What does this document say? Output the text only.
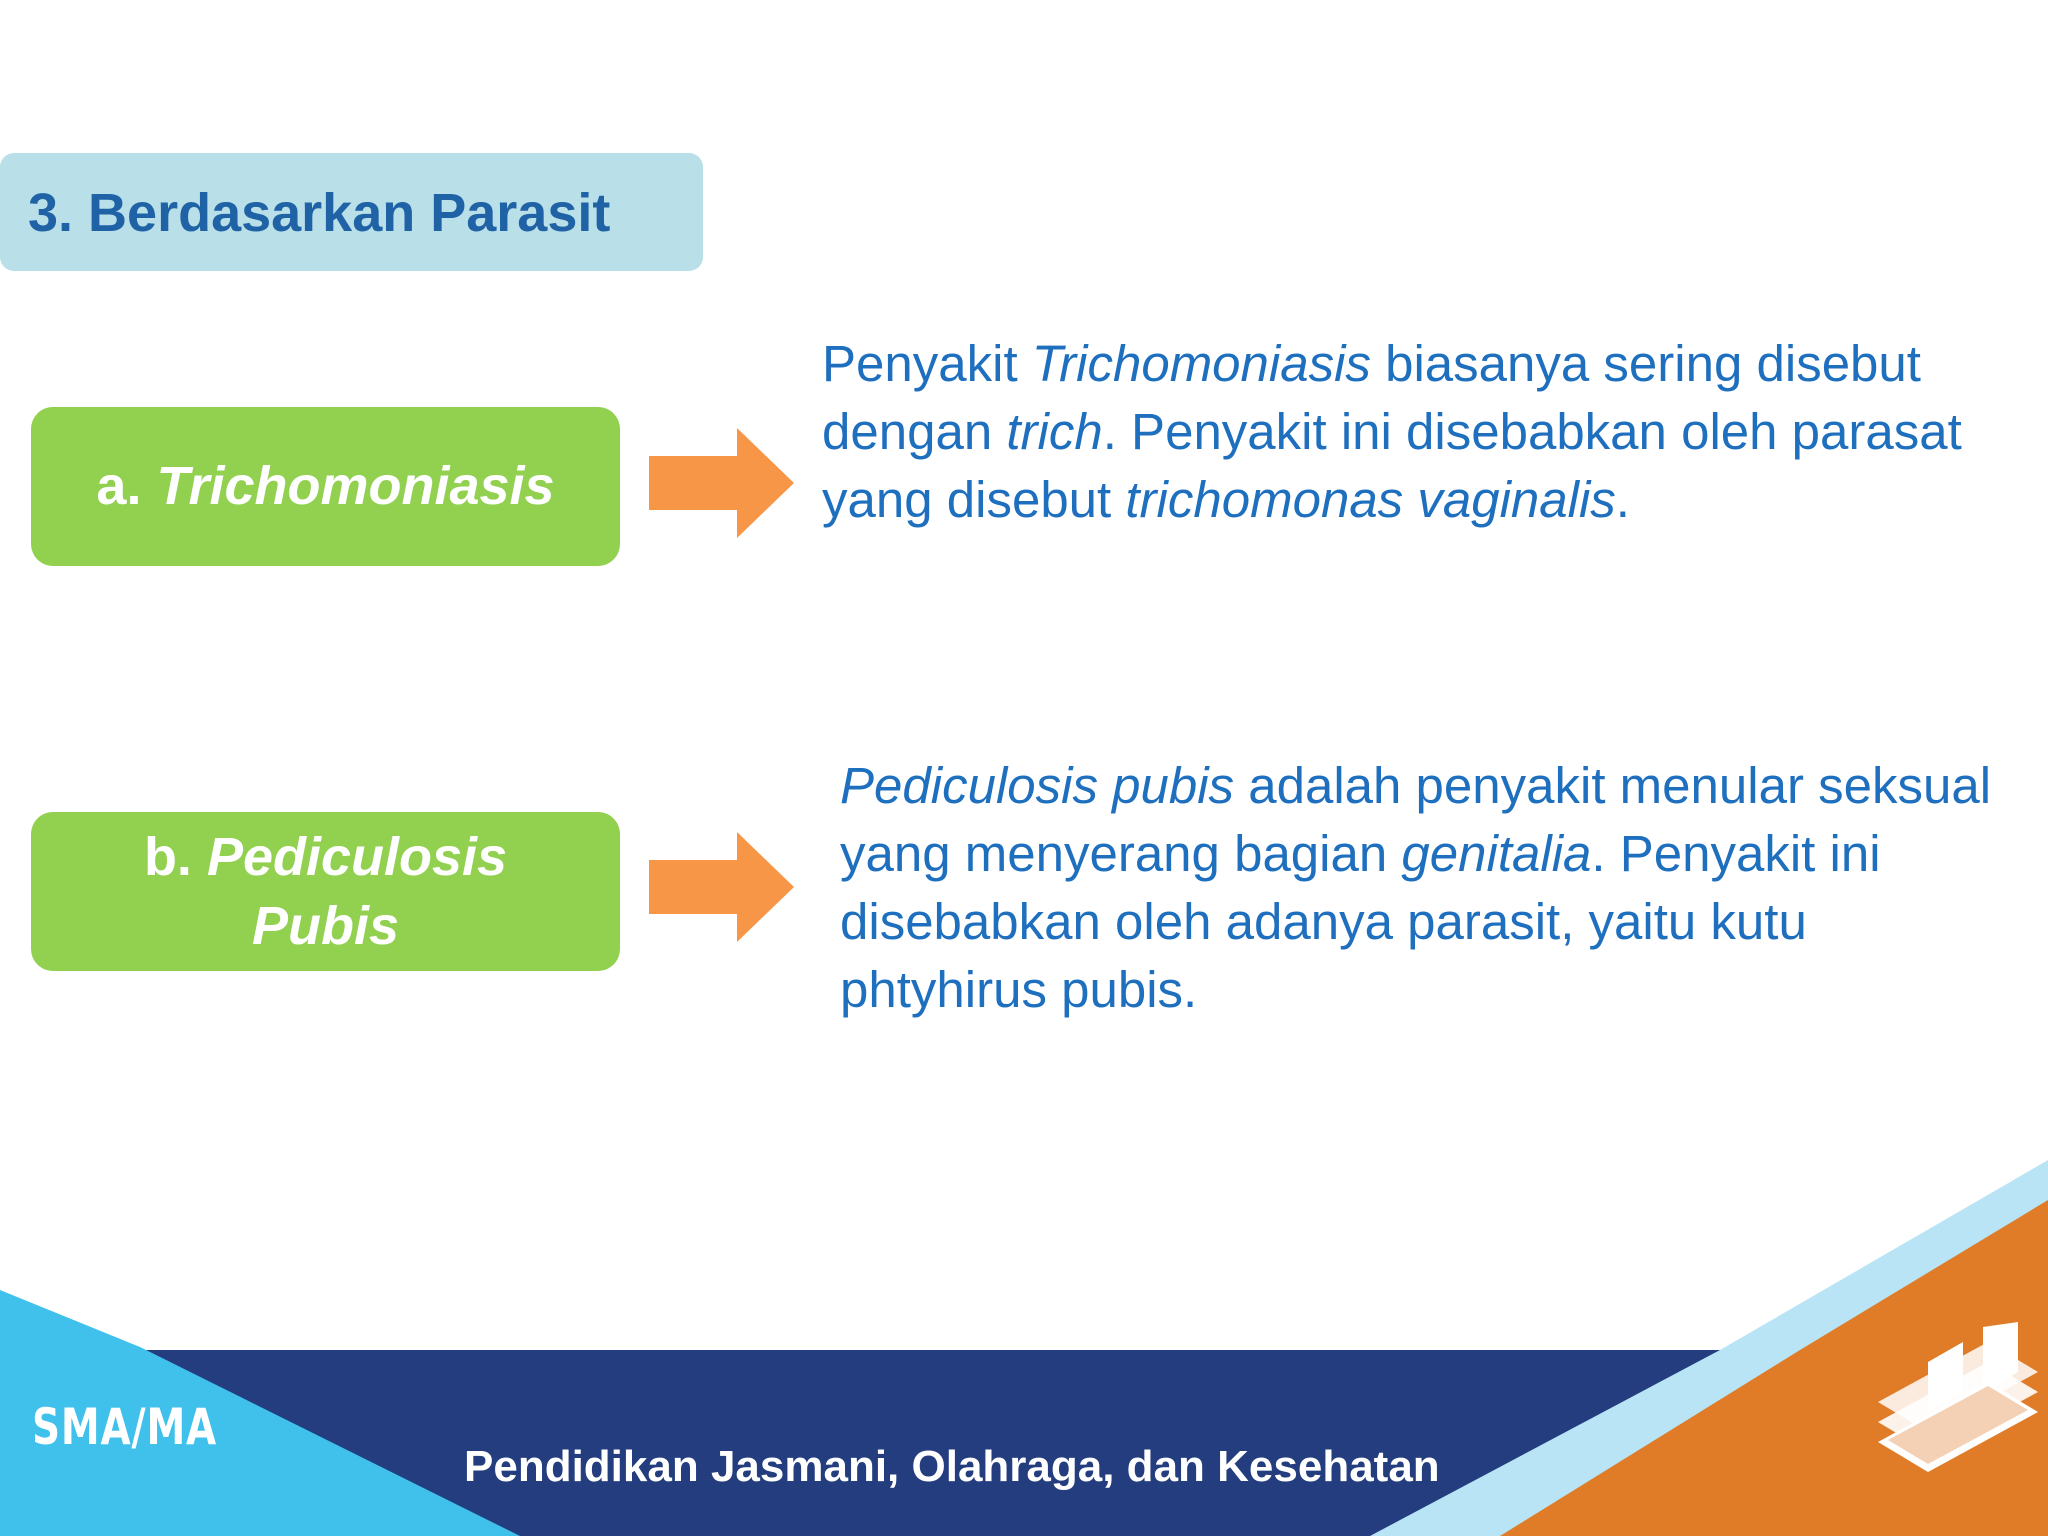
3. Berdasarkan Parasit
a. Trichomoniasis

Penyakit Trichomoniasis biasanya sering disebut dengan trich. Penyakit ini disebabkan oleh parasat yang disebut trichomonas vaginalis.

b. Pediculosis
Pubis

Pediculosis pubis adalah penyakit menular seksual yang menyerang bagian genitalia. Penyakit ini disebabkan oleh adanya parasit, yaitu kutu phtyhirus pubis.

SMA/MA

Pendidikan Jasmani, Olahraga, dan Kesehatan
